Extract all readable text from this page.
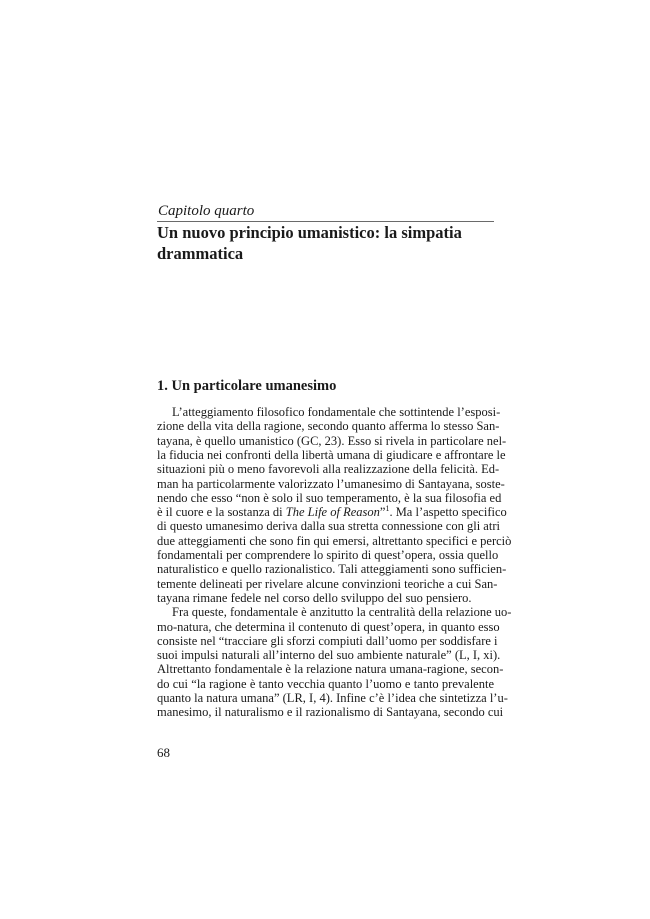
Capitolo quarto

Un nuovo principio umanistico: la simpatia drammatica
1. Un particolare umanesimo

L’atteggiamento filosofico fondamentale che sottintende l’esposi-

zione della vita della ragione, secondo quanto afferma lo stesso San-

tayana, è quello umanistico (GC, 23). Esso si rivela in particolare nel-

la fiducia nei confronti della libertà umana di giudicare e affrontare le

situazioni più o meno favorevoli alla realizzazione della felicità. Ed-

man ha particolarmente valorizzato l’umanesimo di Santayana, soste-

nendo che esso “non è solo il suo temperamento, è la sua filosofia ed

è il cuore e la sostanza di The Life of Reason”$^1$. Ma l’aspetto specifico

di questo umanesimo deriva dalla sua stretta connessione con gli atri

due atteggiamenti che sono fin qui emersi, altrettanto specifici e perciò

fondamentali per comprendere lo spirito di quest’opera, ossia quello

naturalistico e quello razionalistico. Tali atteggiamenti sono sufficien-

temente delineati per rivelare alcune convinzioni teoriche a cui San-

tayana rimane fedele nel corso dello sviluppo del suo pensiero.

Fra queste, fondamentale è anzitutto la centralità della relazione uo-

mo-natura, che determina il contenuto di quest’opera, in quanto esso

consiste nel “tracciare gli sforzi compiuti dall’uomo per soddisfare i

suoi impulsi naturali all’interno del suo ambiente naturale” (L, I, xi).

Altrettanto fondamentale è la relazione natura umana-ragione, secon-

do cui “la ragione è tanto vecchia quanto l’uomo e tanto prevalente

quanto la natura umana” (LR, I, 4). Infine c’è l’idea che sintetizza l’u-

manesimo, il naturalismo e il razionalismo di Santayana, secondo cui

68
